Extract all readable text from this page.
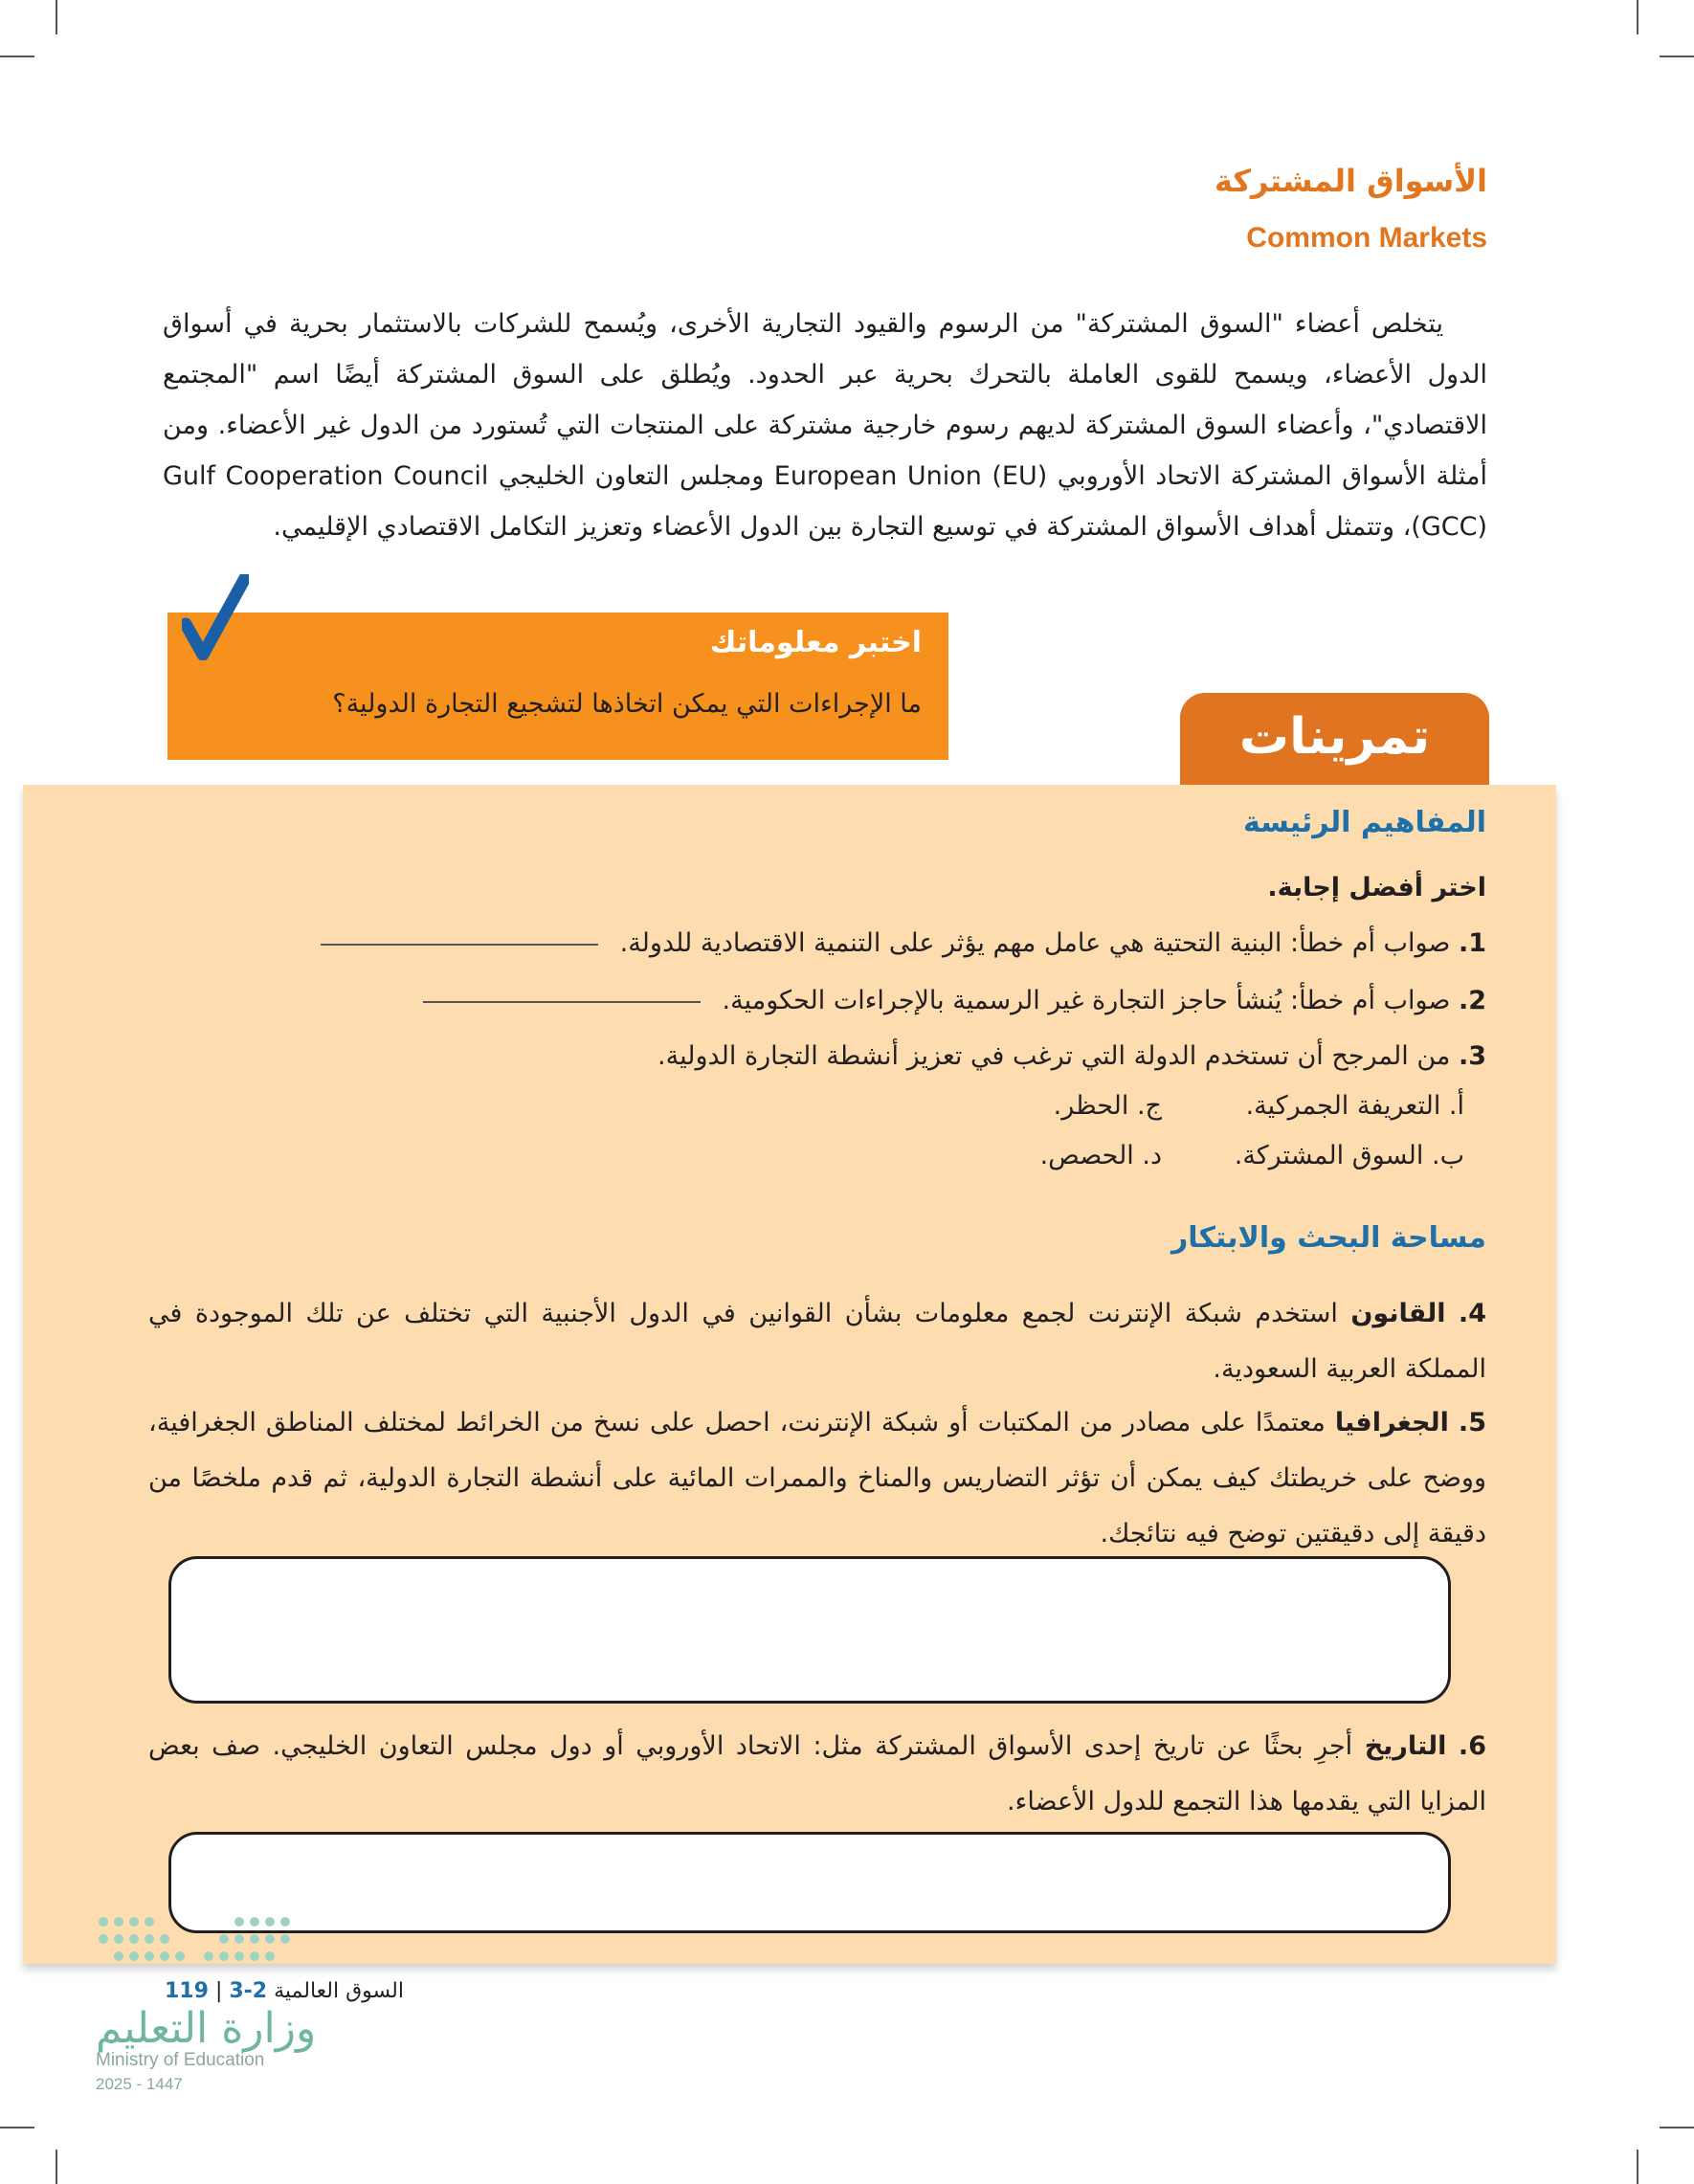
الأسواق المشتركة
Common Markets

يتخلص أعضاء "السوق المشتركة" من الرسوم والقيود التجارية الأخرى، ويُسمح للشركات بالاستثمار بحرية في أسواق الدول الأعضاء، ويسمح للقوى العاملة بالتحرك بحرية عبر الحدود. ويُطلق على السوق المشتركة أيضًا اسم "المجتمع الاقتصادي"، وأعضاء السوق المشتركة لديهم رسوم خارجية مشتركة على المنتجات التي تُستورد من الدول غير الأعضاء. ومن أمثلة الأسواق المشتركة الاتحاد الأوروبي European Union (EU) ومجلس التعاون الخليجي Gulf Cooperation Council (GCC)، وتتمثل أهداف الأسواق المشتركة في توسيع التجارة بين الدول الأعضاء وتعزيز التكامل الاقتصادي الإقليمي.

اختبر معلوماتك
ما الإجراءات التي يمكن اتخاذها لتشجيع التجارة الدولية؟
تمرينات
المفاهيم الرئيسة
اختر أفضل إجابة.
1. صواب أم خطأ: البنية التحتية هي عامل مهم يؤثر على التنمية الاقتصادية للدولة.
2. صواب أم خطأ: يُنشأ حاجز التجارة غير الرسمية بالإجراءات الحكومية.
3. من المرجح أن تستخدم الدولة التي ترغب في تعزيز أنشطة التجارة الدولية.
أ. التعريفة الجمركية.
ج. الحظر.
ب. السوق المشتركة.
د. الحصص.
مساحة البحث والابتكار
4. القانون استخدم شبكة الإنترنت لجمع معلومات بشأن القوانين في الدول الأجنبية التي تختلف عن تلك الموجودة في المملكة العربية السعودية.
5. الجغرافيا معتمدًا على مصادر من المكتبات أو شبكة الإنترنت، احصل على نسخ من الخرائط لمختلف المناطق الجغرافية، ووضح على خريطتك كيف يمكن أن تؤثر التضاريس والمناخ والممرات المائية على أنشطة التجارة الدولية، ثم قدم ملخصًا من دقيقة إلى دقيقتين توضح فيه نتائجك.
6. التاريخ أجرِ بحثًا عن تاريخ إحدى الأسواق المشتركة مثل: الاتحاد الأوروبي أو دول مجلس التعاون الخليجي. صف بعض المزايا التي يقدمها هذا التجمع للدول الأعضاء.
119 | السوق العالمية 2-3
وزارة التعليم
Ministry of Education
2025 - 1447
